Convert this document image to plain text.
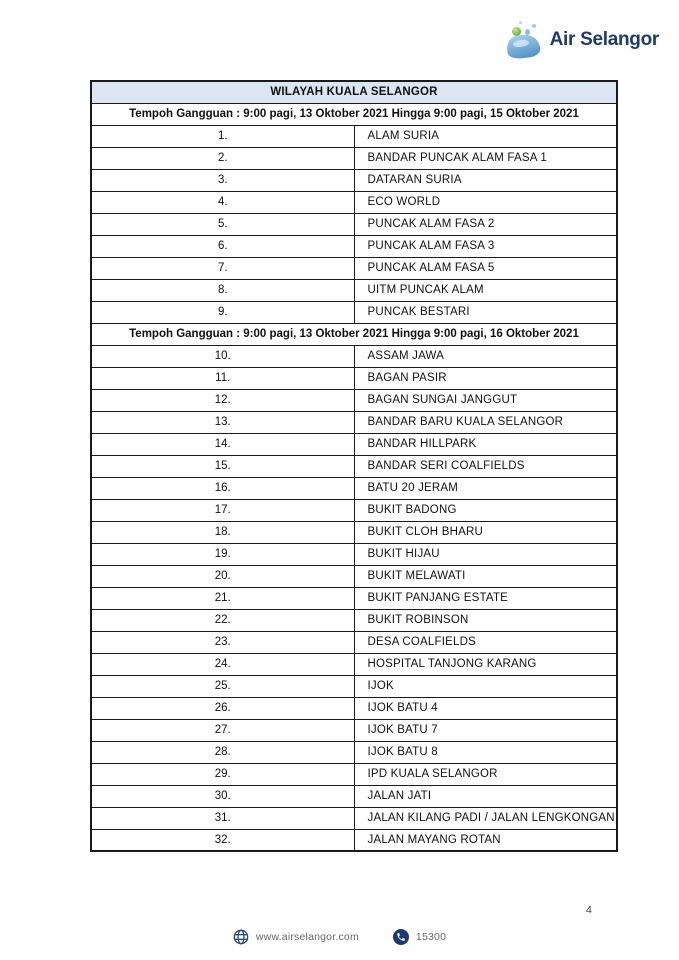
Air Selangor
WILAYAH KUALA SELANGOR	
Tempoh Gangguan : 9:00 pagi, 13 Oktober 2021 Hingga 9:00 pagi, 15 Oktober 2021	
1.	ALAM SURIA
2.	BANDAR PUNCAK ALAM FASA 1
3.	DATARAN SURIA
4.	ECO WORLD
5.	PUNCAK ALAM FASA 2
6.	PUNCAK ALAM FASA 3
7.	PUNCAK ALAM FASA 5
8.	UITM PUNCAK ALAM
9.	PUNCAK BESTARI
Tempoh Gangguan : 9:00 pagi, 13 Oktober 2021 Hingga 9:00 pagi, 16 Oktober 2021	
10.	ASSAM JAWA
11.	BAGAN PASIR
12.	BAGAN SUNGAI JANGGUT
13.	BANDAR BARU KUALA SELANGOR
14.	BANDAR HILLPARK
15.	BANDAR SERI COALFIELDS
16.	BATU 20 JERAM
17.	BUKIT BADONG
18.	BUKIT CLOH BHARU
19.	BUKIT HIJAU
20.	BUKIT MELAWATI
21.	BUKIT PANJANG ESTATE
22.	BUKIT ROBINSON
23.	DESA COALFIELDS
24.	HOSPITAL TANJONG KARANG
25.	IJOK
26.	IJOK BATU 4
27.	IJOK BATU 7
28.	IJOK BATU 8
29.	IPD KUALA SELANGOR
30.	JALAN JATI
31.	JALAN KILANG PADI / JALAN LENGKONGAN
32.	JALAN MAYANG ROTAN
4
www.airselangor.com	15300
